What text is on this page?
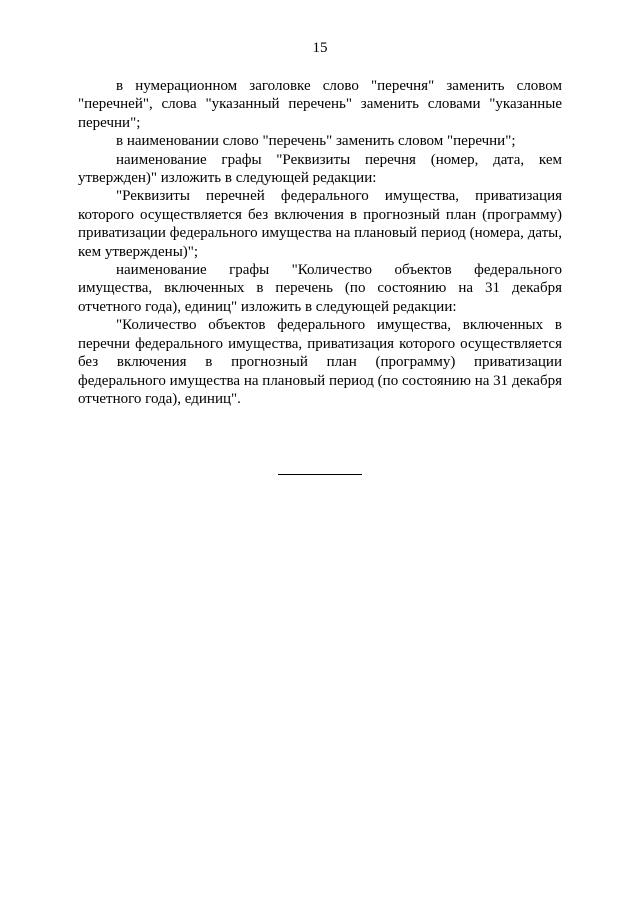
15

в нумерационном заголовке слово "перечня" заменить словом "перечней", слова "указанный перечень" заменить словами "указанные перечни";

в наименовании слово "перечень" заменить словом "перечни";

наименование графы "Реквизиты перечня (номер, дата, кем утвержден)" изложить в следующей редакции:

"Реквизиты перечней федерального имущества, приватизация которого осуществляется без включения в прогнозный план (программу) приватизации федерального имущества на плановый период (номера, даты, кем утверждены)";

наименование графы "Количество объектов федерального имущества, включенных в перечень (по состоянию на 31 декабря отчетного года), единиц" изложить в следующей редакции:

"Количество объектов федерального имущества, включенных в перечни федерального имущества, приватизация которого осуществляется без включения в прогнозный план (программу) приватизации федерального имущества на плановый период (по состоянию на 31 декабря отчетного года), единиц".
